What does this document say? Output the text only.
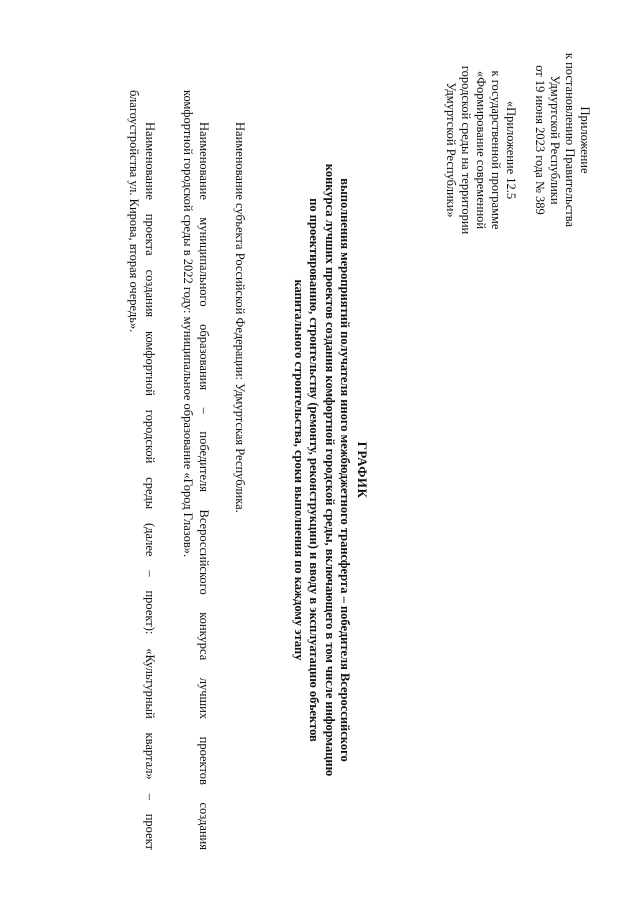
Приложение
к постановлению Правительства
Удмуртской Республики
от 19 июня 2023 года № 389
«Приложение 12.5
к государственной программе
«Формирование современной
городской среды на территории
Удмуртской Республики»
ГРАФИК
выполнения мероприятий получателя иного межбюджетного трансферта – победителя Всероссийского
конкурса лучших проектов создания комфортной городской среды, включающего в том числе информацию
по проектированию, строительству (ремонту, реконструкции) и вводу в эксплуатацию объектов
капитального строительства, сроки выполнения по каждому этапу
Наименование субъекта Российской Федерации: Удмуртская Республика.
Наименование муниципального образования – победителя Всероссийского конкурса лучших проектов создания
комфортной городской среды в 2022 году: муниципальное образование «Город Глазов».
Наименование проекта создания комфортной городской среды (далее – проект): «Культурный квартал» – проект
благоустройства ул. Кирова, вторая очередь».
